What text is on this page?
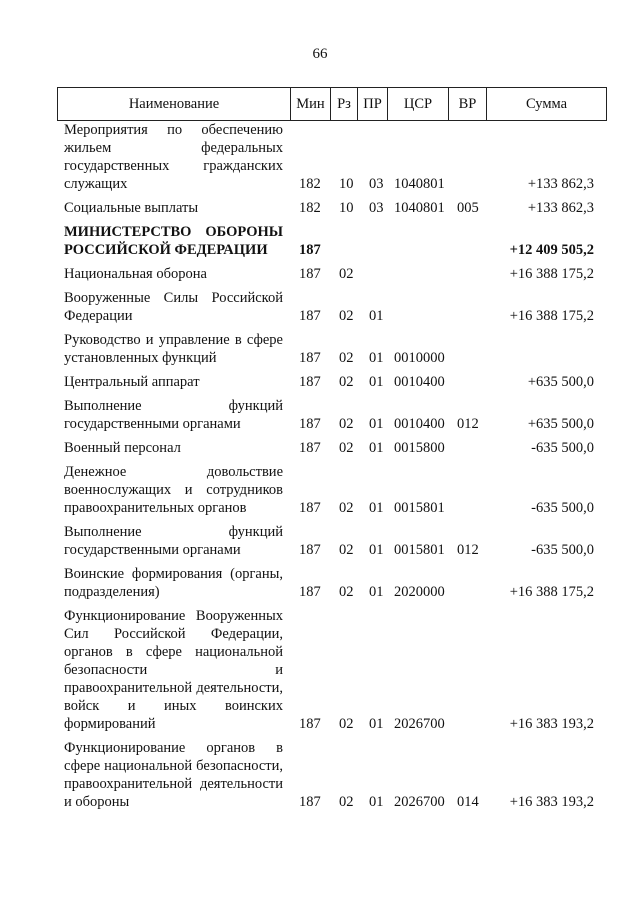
66
Наименование	Мин Рз ПР	ЦСР	ВР	Сумма
Мероприятия по обеспечению жильем федеральных государственных гражданских служащих	182	10	03 1040801	+133 862,3
Социальные выплаты	182	10	03 1040801 005	+133 862,3
МИНИСТЕРСТВО ОБОРОНЫ РОССИЙСКОЙ ФЕДЕРАЦИИ	187	+12 409 505,2
Национальная оборона	187	02	+16 388 175,2
Вооруженные Силы Российской Федерации	187	02	01	+16 388 175,2
Руководство и управление в сфере установленных функций	187	02	01 0010000
Центральный аппарат	187	02	01 0010400	+635 500,0
Выполнение функций государственными органами	187	02	01 0010400 012	+635 500,0
Военный персонал	187	02	01 0015800	-635 500,0
Денежное довольствие военнослужащих и сотрудников правоохранительных органов	187	02	01 0015801	-635 500,0
Выполнение функций государственными органами	187	02	01 0015801 012	-635 500,0
Воинские формирования (органы, подразделения)	187	02	01 2020000	+16 388 175,2
Функционирование Вооруженных Сил Российской Федерации, органов в сфере национальной безопасности и правоохранительной деятельности, войск и иных воинских формирований	187	02	01 2026700	+16 383 193,2
Функционирование органов в сфере национальной безопасности, правоохранительной деятельности и обороны	187	02	01 2026700 014	+16 383 193,2
